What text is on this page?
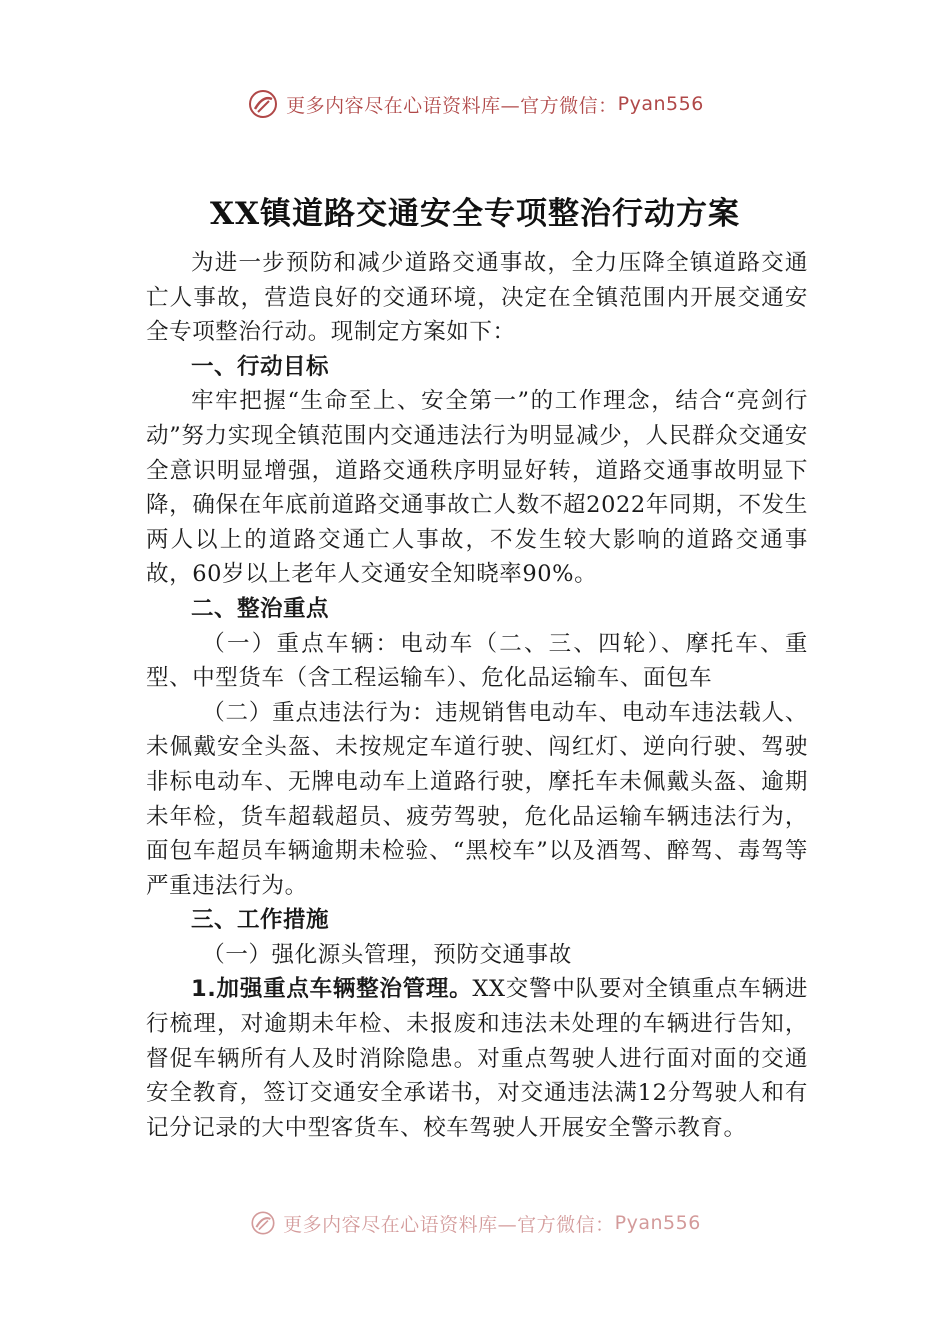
更多内容尽在心语资料库—官方微信： Pyan556
XX镇道路交通安全专项整治行动方案

为进一步预防和减少道路交通事故，全力压降全镇道路交通亡人事故，营造良好的交通环境，决定在全镇范围内开展交通安全专项整治行动。现制定方案如下：

一、行动目标

牢牢把握“生命至上、安全第一”的工作理念，结合“亮剑行动”努力实现全镇范围内交通违法行为明显减少，人民群众交通安全意识明显增强，道路交通秩序明显好转，道路交通事故明显下降，确保在年底前道路交通事故亡人数不超2022年同期，不发生两人以上的道路交通亡人事故，不发生较大影响的道路交通事故，60岁以上老年人交通安全知晓率90%。

二、整治重点

（一）重点车辆：电动车（二、三、四轮）、摩托车、重型、中型货车（含工程运输车）、危化品运输车、面包车

（二）重点违法行为：违规销售电动车、电动车违法载人、未佩戴安全头盔、未按规定车道行驶、闯红灯、逆向行驶、驾驶非标电动车、无牌电动车上道路行驶，摩托车未佩戴头盔、逾期未年检，货车超载超员、疲劳驾驶，危化品运输车辆违法行为，面包车超员车辆逾期未检验、“黑校车”以及酒驾、醉驾、毒驾等严重违法行为。

三、工作措施

（一）强化源头管理，预防交通事故

1.加强重点车辆整治管理。XX交警中队要对全镇重点车辆进行梳理，对逾期未年检、未报废和违法未处理的车辆进行告知，督促车辆所有人及时消除隐患。对重点驾驶人进行面对面的交通安全教育，签订交通安全承诺书，对交通违法满12分驾驶人和有记分记录的大中型客货车、校车驾驶人开展安全警示教育。

更多内容尽在心语资料库—官方微信： Pyan556
